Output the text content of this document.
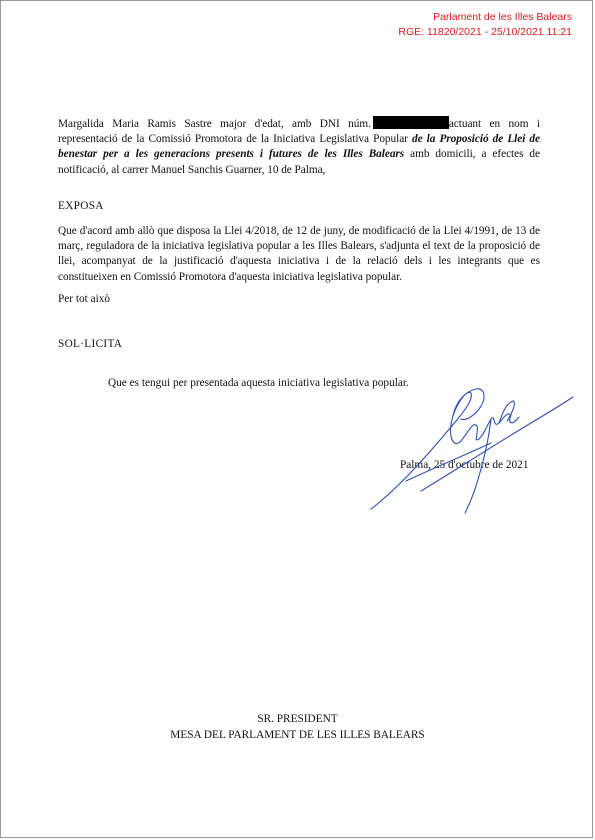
Parlament de les Illes Balears
RGE: 11820/2021 - 25/10/2021 11:21
Margalida Maria Ramis Sastre major d'edat, amb DNI núm.	actuant en nom i representació de la Comissió Promotora de la Iniciativa Legislativa Popular de la Proposició de Llei de benestar per a les generacions presents i futures de les Illes Balears amb domicili, a efectes de notificació, al carrer Manuel Sanchis Guarner, 10 de Palma,
EXPOSA
Que d'acord amb allò que disposa la Llei 4/2018, de 12 de juny, de modificació de la Llei 4/1991, de 13 de març, reguladora de la iniciativa legislativa popular a les Illes Balears, s'adjunta el text de la proposició de llei, acompanyat de la justificació d'aquesta iniciativa i de la relació dels i les integrants que es constitueixen en Comissió Promotora d'aquesta iniciativa legislativa popular.
Per tot això
SOL·LICITA
Que es tengui per presentada aquesta iniciativa legislativa popular.
Palma, 25 d'octubre de 2021
SR. PRESIDENT
MESA DEL PARLAMENT DE LES ILLES BALEARS
